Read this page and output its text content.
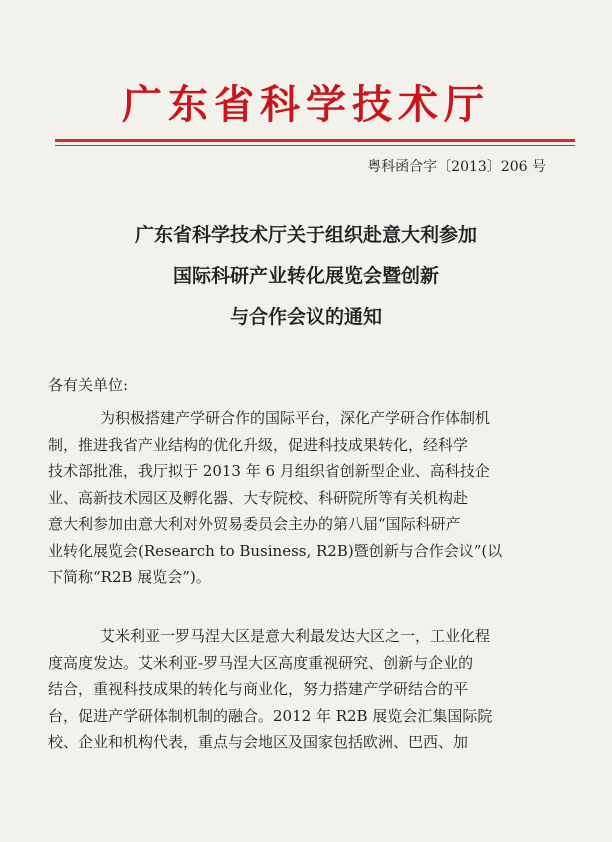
广东省科学技术厅
粤科函合字〔2013〕206 号
广东省科学技术厅关于组织赴意大利参加
国际科研产业转化展览会暨创新
与合作会议的通知
各有关单位:
为积极搭建产学研合作的国际平台，深化产学研合作体制机
制，推进我省产业结构的优化升级，促进科技成果转化，经科学
技术部批准，我厅拟于 2013 年 6 月组织省创新型企业、高科技企
业、高新技术园区及孵化器、大专院校、科研院所等有关机构赴
意大利参加由意大利对外贸易委员会主办的第八届“国际科研产
业转化展览会(Research to Business, R2B)暨创新与合作会议”(以
下简称“R2B 展览会”)。
艾米利亚一罗马涅大区是意大利最发达大区之一，工业化程
度高度发达。艾米利亚-罗马涅大区高度重视研究、创新与企业的
结合，重视科技成果的转化与商业化，努力搭建产学研结合的平
台，促进产学研体制机制的融合。2012 年 R2B 展览会汇集国际院
校、企业和机构代表，重点与会地区及国家包括欧洲、巴西、加
